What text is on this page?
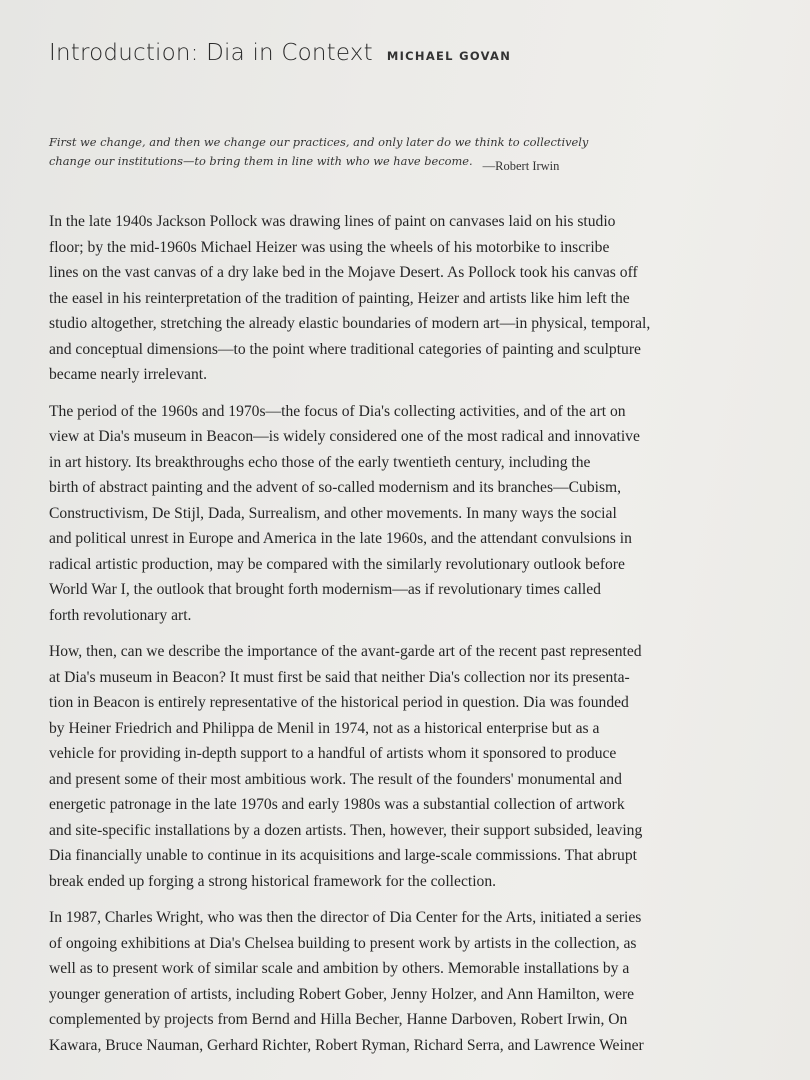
Introduction: Dia in Context MICHAEL GOVAN
First we change, and then we change our practices, and only later do we think to collectively
change our institutions—to bring them in line with who we have become. —Robert Irwin

In the late 1940s Jackson Pollock was drawing lines of paint on canvases laid on his studio
floor; by the mid-1960s Michael Heizer was using the wheels of his motorbike to inscribe
lines on the vast canvas of a dry lake bed in the Mojave Desert. As Pollock took his canvas off
the easel in his reinterpretation of the tradition of painting, Heizer and artists like him left the
studio altogether, stretching the already elastic boundaries of modern art—in physical, temporal,
and conceptual dimensions—to the point where traditional categories of painting and sculpture
became nearly irrelevant.

The period of the 1960s and 1970s—the focus of Dia's collecting activities, and of the art on
view at Dia's museum in Beacon—is widely considered one of the most radical and innovative
in art history. Its breakthroughs echo those of the early twentieth century, including the
birth of abstract painting and the advent of so-called modernism and its branches—Cubism,
Constructivism, De Stijl, Dada, Surrealism, and other movements. In many ways the social
and political unrest in Europe and America in the late 1960s, and the attendant convulsions in
radical artistic production, may be compared with the similarly revolutionary outlook before
World War I, the outlook that brought forth modernism—as if revolutionary times called
forth revolutionary art.

How, then, can we describe the importance of the avant-garde art of the recent past represented
at Dia's museum in Beacon? It must first be said that neither Dia's collection nor its presenta-
tion in Beacon is entirely representative of the historical period in question. Dia was founded
by Heiner Friedrich and Philippa de Menil in 1974, not as a historical enterprise but as a
vehicle for providing in-depth support to a handful of artists whom it sponsored to produce
and present some of their most ambitious work. The result of the founders' monumental and
energetic patronage in the late 1970s and early 1980s was a substantial collection of artwork
and site-specific installations by a dozen artists. Then, however, their support subsided, leaving
Dia financially unable to continue in its acquisitions and large-scale commissions. That abrupt
break ended up forging a strong historical framework for the collection.

In 1987, Charles Wright, who was then the director of Dia Center for the Arts, initiated a series
of ongoing exhibitions at Dia's Chelsea building to present work by artists in the collection, as
well as to present work of similar scale and ambition by others. Memorable installations by a
younger generation of artists, including Robert Gober, Jenny Holzer, and Ann Hamilton, were
complemented by projects from Bernd and Hilla Becher, Hanne Darboven, Robert Irwin, On
Kawara, Bruce Nauman, Gerhard Richter, Robert Ryman, Richard Serra, and Lawrence Weiner
